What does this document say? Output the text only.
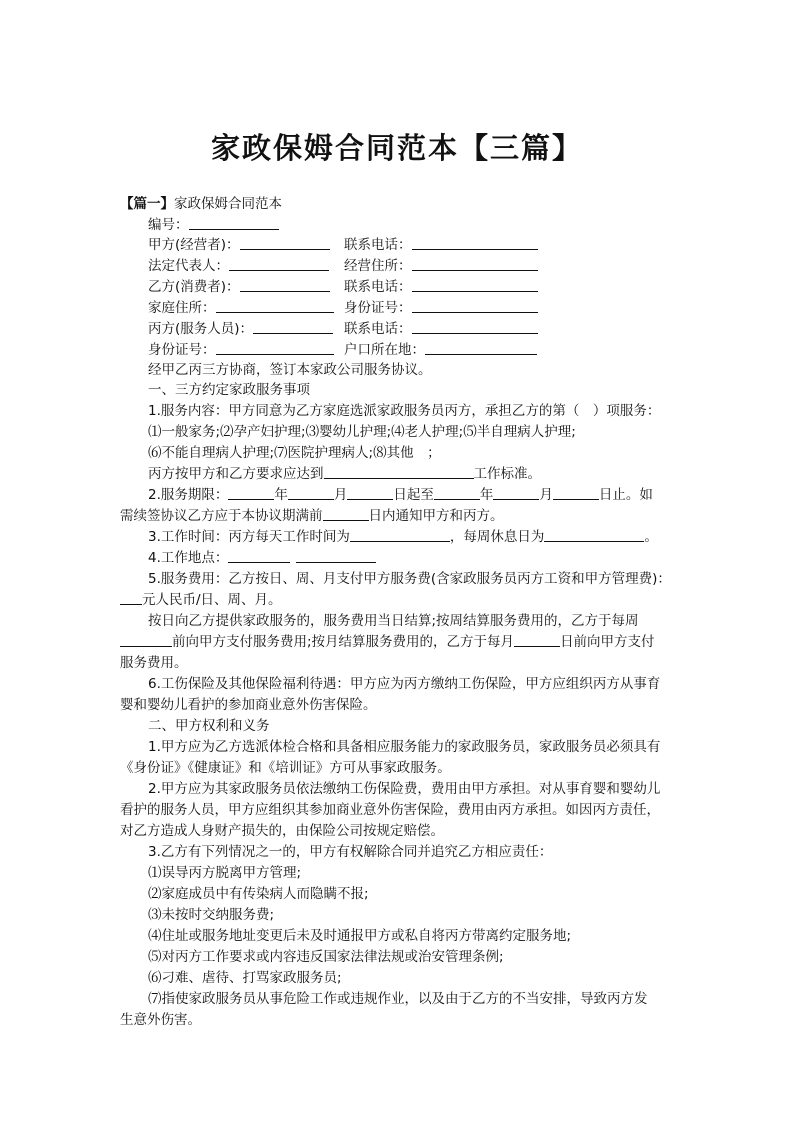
家政保姆合同范本【三篇】
【篇一】家政保姆合同范本
编号：
甲方(经营者)：	联系电话：
法定代表人：	经营住所：
乙方(消费者)：	联系电话：
家庭住所：	身份证号：
丙方(服务人员)：	联系电话：
身份证号：	户口所在地：
经甲乙丙三方协商，签订本家政公司服务协议。
一、三方约定家政服务事项
1.服务内容：甲方同意为乙方家庭选派家政服务员丙方，承担乙方的第（　）项服务：
⑴一般家务;⑵孕产妇护理;⑶婴幼儿护理;⑷老人护理;⑸半自理病人护理;
⑹不能自理病人护理;⑺医院护理病人;⑻其他　；
丙方按甲方和乙方要求应达到	工作标准。
2.服务期限：	年	月	日起至	年	月	日止。如
需续签协议乙方应于本协议期满前	日内通知甲方和丙方。
3.工作时间：丙方每天工作时间为	，每周休息日为	。
4.工作地点：
5.服务费用：乙方按日、周、月支付甲方服务费(含家政服务员丙方工资和甲方管理费)：
元人民币/日、周、月。
按日向乙方提供家政服务的，服务费用当日结算;按周结算服务费用的，乙方于每周
前向甲方支付服务费用;按月结算服务费用的，乙方于每月	日前向甲方支付
服务费用。
6.工伤保险及其他保险福利待遇：甲方应为丙方缴纳工伤保险，甲方应组织丙方从事育
婴和婴幼儿看护的参加商业意外伤害保险。
二、甲方权利和义务
1.甲方应为乙方选派体检合格和具备相应服务能力的家政服务员，家政服务员必须具有
《身份证》《健康证》和《培训证》方可从事家政服务。
2.甲方应为其家政服务员依法缴纳工伤保险费，费用由甲方承担。对从事育婴和婴幼儿
看护的服务人员，甲方应组织其参加商业意外伤害保险，费用由丙方承担。如因丙方责任，
对乙方造成人身财产损失的，由保险公司按规定赔偿。
3.乙方有下列情况之一的，甲方有权解除合同并追究乙方相应责任：
⑴误导丙方脱离甲方管理;
⑵家庭成员中有传染病人而隐瞒不报;
⑶未按时交纳服务费;
⑷住址或服务地址变更后未及时通报甲方或私自将丙方带离约定服务地;
⑸对丙方工作要求或内容违反国家法律法规或治安管理条例;
⑹刁难、虐待、打骂家政服务员;
⑺指使家政服务员从事危险工作或违规作业，以及由于乙方的不当安排，导致丙方发
生意外伤害。
